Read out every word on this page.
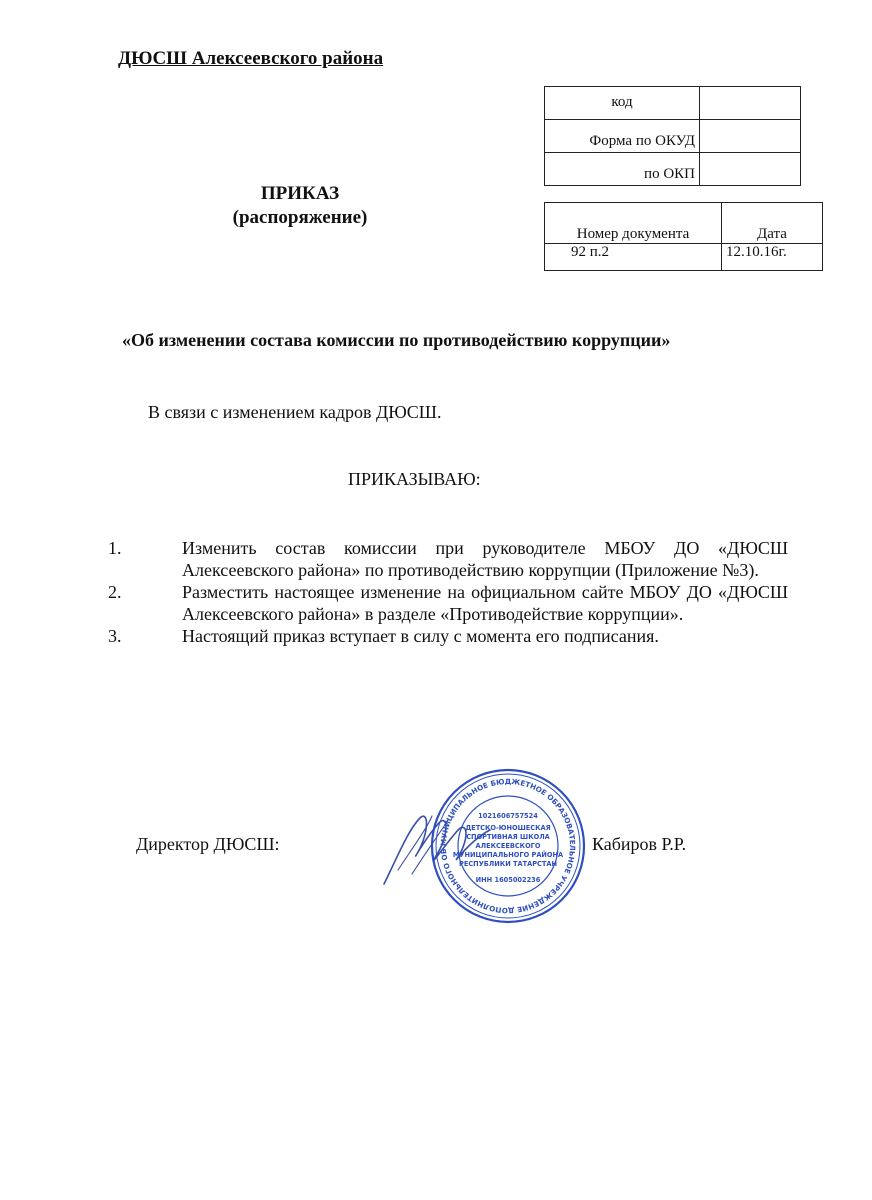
ДЮСШ Алексеевского района
код	
Форма по ОКУД	
по ОКП	
ПРИКАЗ
(распоряжение)
Номер документа	Дата
92 п.2	12.10.16г.
«Об изменении состава комиссии по противодействию коррупции»
В связи с изменением кадров ДЮСШ.
ПРИКАЗЫВАЮ:
1.	Изменить состав комиссии при руководителе МБОУ ДО «ДЮСШ Алексеевского района» по противодействию коррупции (Приложение №3).
2.	Разместить настоящее изменение на официальном сайте МБОУ ДО «ДЮСШ Алексеевского района» в разделе «Противодействие коррупции».
3.	Настоящий приказ вступает в силу с момента его подписания.
Директор ДЮСШ:	МУНИЦИПАЛЬНОЕ БЮДЖЕТНОЕ ОБРАЗОВАТЕЛЬНОЕ УЧРЕЖДЕНИЕ ДОПОЛНИТЕЛЬНОГО ОБ
1021606757524
ДЕТСКО-ЮНОШЕСКАЯ
СПОРТИВНАЯ ШКОЛА
АЛЕКСЕЕВСКОГО
МУНИЦИПАЛЬНОГО РАЙОНА
РЕСПУБЛИКИ ТАТАРСТАН
ИНН 1605002236
Кабиров Р.Р.
